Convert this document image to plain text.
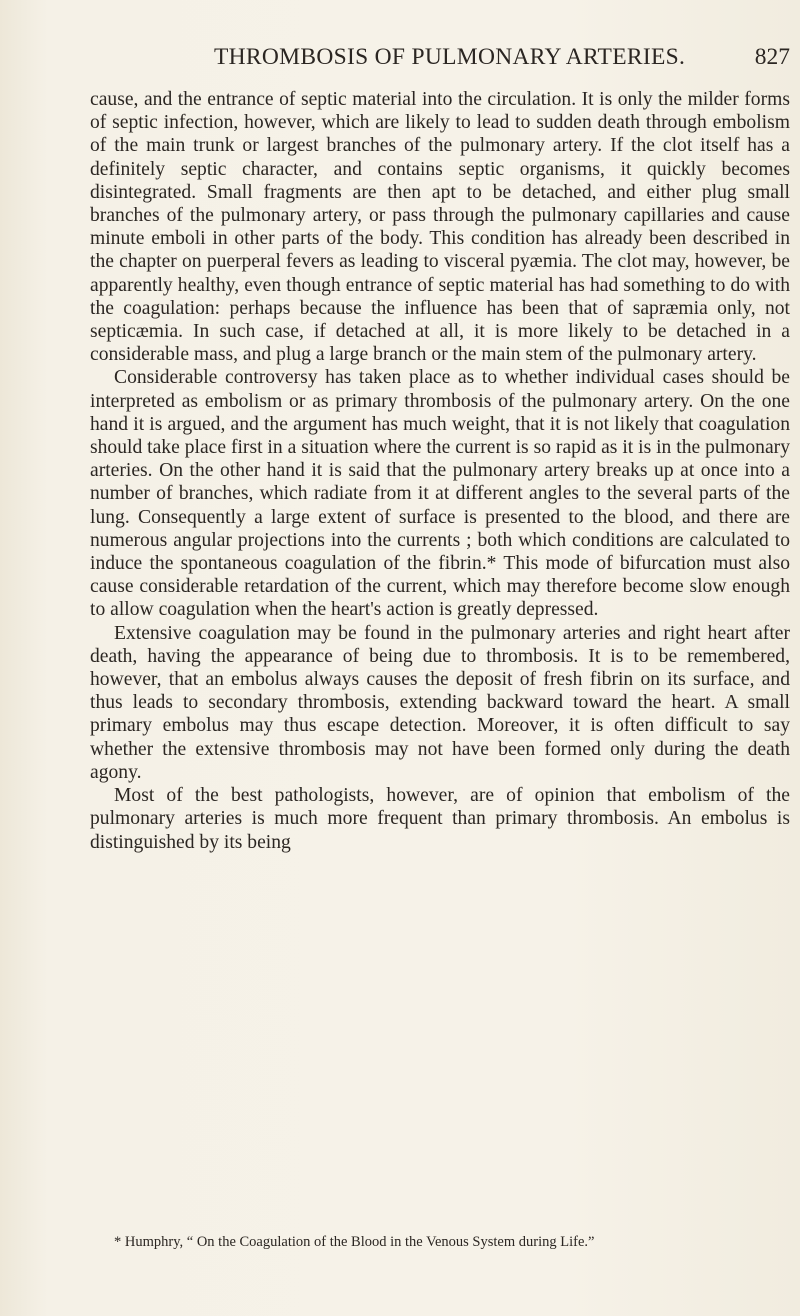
THROMBOSIS OF PULMONARY ARTERIES.	827

cause, and the entrance of septic material into the circulation. It is only the milder forms of septic infection, however, which are likely to lead to sudden death through embolism of the main trunk or largest branches of the pulmonary artery. If the clot itself has a definitely septic character, and contains septic organisms, it quickly becomes disintegrated. Small fragments are then apt to be detached, and either plug small branches of the pulmonary artery, or pass through the pulmonary capillaries and cause minute emboli in other parts of the body. This condition has already been described in the chapter on puerperal fevers as leading to visceral pyæmia. The clot may, however, be apparently healthy, even though entrance of septic material has had something to do with the coagulation: perhaps because the influence has been that of sapræmia only, not septicæmia. In such case, if detached at all, it is more likely to be detached in a considerable mass, and plug a large branch or the main stem of the pulmonary artery.

Considerable controversy has taken place as to whether individual cases should be interpreted as embolism or as primary thrombosis of the pulmonary artery. On the one hand it is argued, and the argument has much weight, that it is not likely that coagulation should take place first in a situation where the current is so rapid as it is in the pulmonary arteries. On the other hand it is said that the pulmonary artery breaks up at once into a number of branches, which radiate from it at different angles to the several parts of the lung. Consequently a large extent of surface is presented to the blood, and there are numerous angular projections into the currents ; both which conditions are calculated to induce the spontaneous coagulation of the fibrin.* This mode of bifurcation must also cause considerable retardation of the current, which may therefore become slow enough to allow coagulation when the heart's action is greatly depressed.

Extensive coagulation may be found in the pulmonary arteries and right heart after death, having the appearance of being due to thrombosis. It is to be remembered, however, that an embolus always causes the deposit of fresh fibrin on its surface, and thus leads to secondary thrombosis, extending backward toward the heart. A small primary embolus may thus escape detection. Moreover, it is often difficult to say whether the extensive thrombosis may not have been formed only during the death agony.

Most of the best pathologists, however, are of opinion that embolism of the pulmonary arteries is much more frequent than primary thrombosis. An embolus is distinguished by its being

* Humphry, “ On the Coagulation of the Blood in the Venous System during Life.”
